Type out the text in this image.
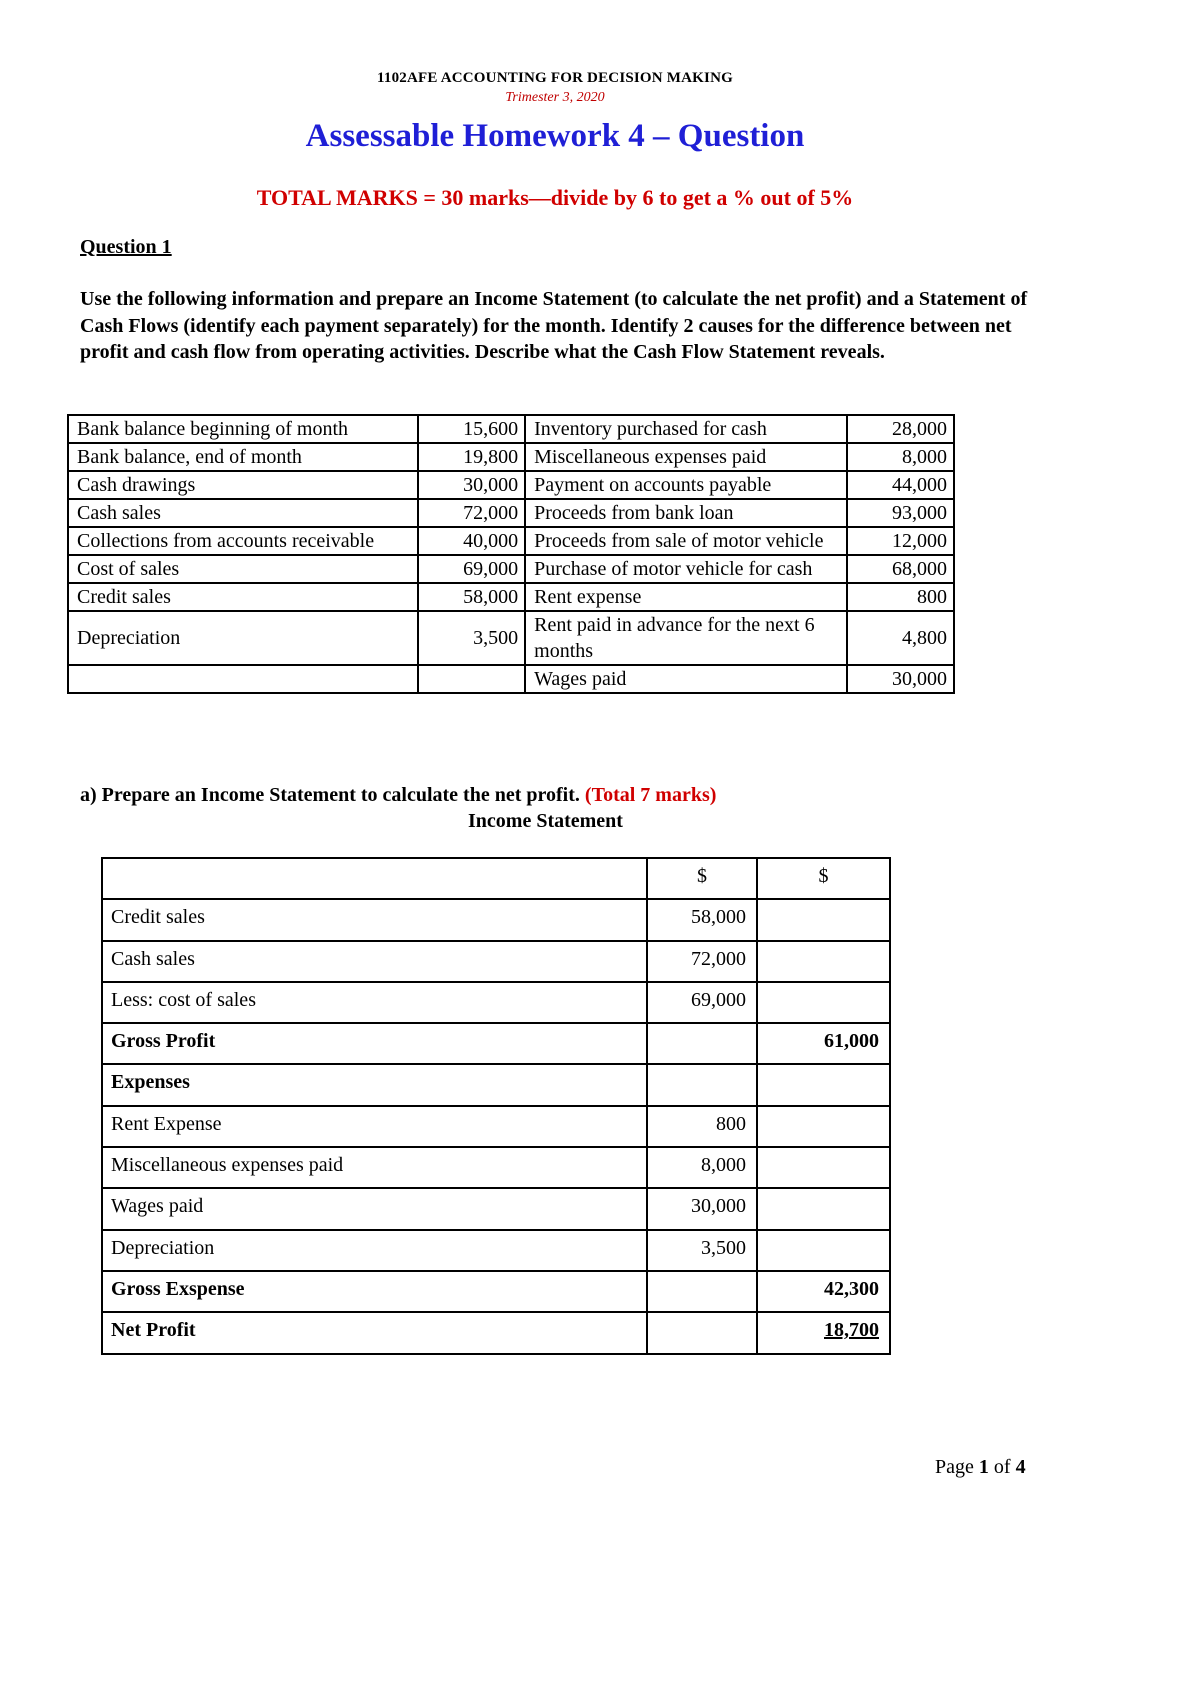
1102AFE ACCOUNTING FOR DECISION MAKING
Trimester 3, 2020
Assessable Homework 4 – Question
TOTAL MARKS = 30 marks—divide by 6 to get a % out of 5%
Question 1
Use the following information and prepare an Income Statement (to calculate the net profit) and a Statement of Cash Flows (identify each payment separately) for the month. Identify 2 causes for the difference between net profit and cash flow from operating activities. Describe what the Cash Flow Statement reveals.
Bank balance beginning of month	15,600	Inventory purchased for cash	28,000
Bank balance, end of month	19,800	Miscellaneous expenses paid	8,000
Cash drawings	30,000	Payment on accounts payable	44,000
Cash sales	72,000	Proceeds from bank loan	93,000
Collections from accounts receivable	40,000	Proceeds from sale of motor vehicle	12,000
Cost of sales	69,000	Purchase of motor vehicle for cash	68,000
Credit sales	58,000	Rent expense	800
Depreciation	3,500	Rent paid in advance for the next 6 months	4,800
		Wages paid	30,000
a) Prepare an Income Statement to calculate the net profit. (Total 7 marks)
Income Statement
	$	$
Credit sales	58,000	
Cash sales	72,000	
Less: cost of sales	69,000	
Gross Profit		61,000
Expenses		
Rent Expense	800	
Miscellaneous expenses paid	8,000	
Wages paid	30,000	
Depreciation	3,500	
Gross Exspense		42,300
Net Profit		18,700
Page 1 of 4
